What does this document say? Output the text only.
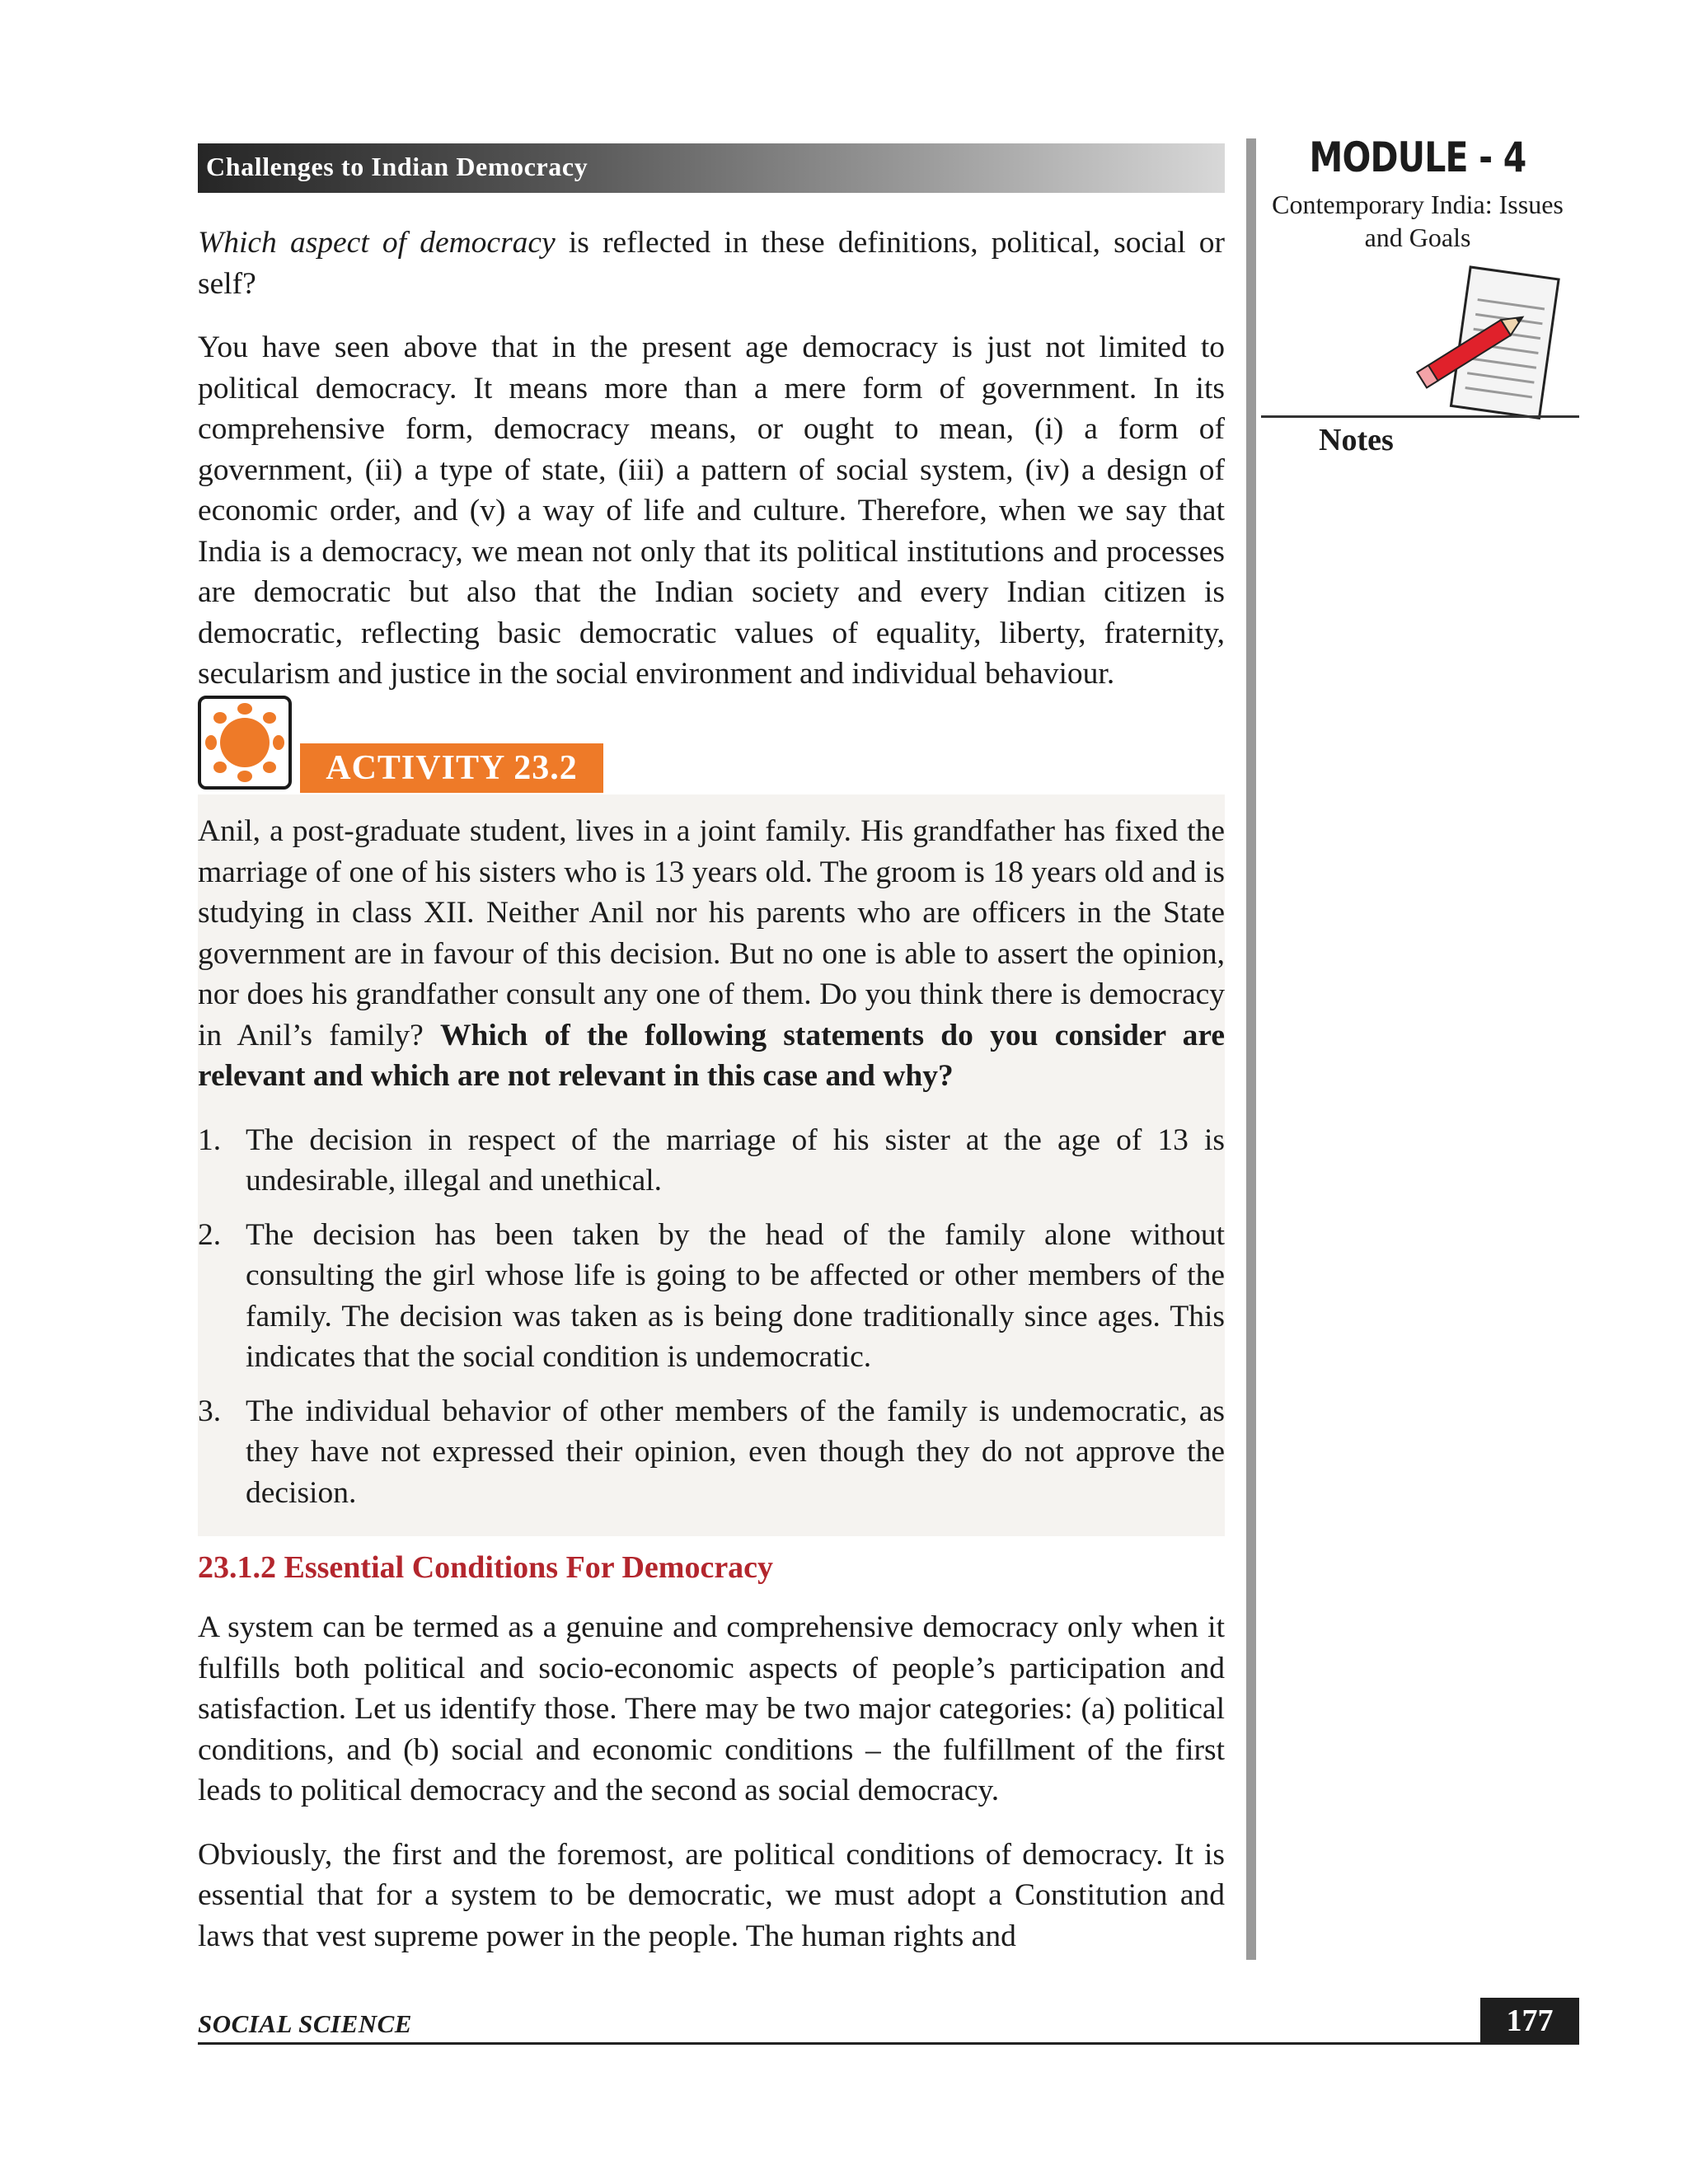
Challenges to Indian Democracy	MODULE - 4
Contemporary India: Issues
and Goals
Notes

Which aspect of democracy is reflected in these definitions, political, social or self?

You have seen above that in the present age democracy is just not limited to political democracy. It means more than a mere form of government. In its comprehensive form, democracy means, or ought to mean, (i) a form of government, (ii) a type of state, (iii) a pattern of social system, (iv) a design of economic order, and (v) a way of life and culture. Therefore, when we say that India is a democracy, we mean not only that its political institutions and processes are democratic but also that the Indian society and every Indian citizen is democratic, reflecting basic democratic values of equality, liberty, fraternity, secularism and justice in the social environment and individual behaviour.

ACTIVITY 23.2

Anil, a post-graduate student, lives in a joint family. His grandfather has fixed the marriage of one of his sisters who is 13 years old. The groom is 18 years old and is studying in class XII. Neither Anil nor his parents who are officers in the State government are in favour of this decision. But no one is able to assert the opinion, nor does his grandfather consult any one of them. Do you think there is democracy in Anil’s family? Which of the following statements do you consider are relevant and which are not relevant in this case and why?

1. The decision in respect of the marriage of his sister at the age of 13 is undesirable, illegal and unethical.
2. The decision has been taken by the head of the family alone without consulting the girl whose life is going to be affected or other members of the family. The decision was taken as is being done traditionally since ages. This indicates that the social condition is undemocratic.
3. The individual behavior of other members of the family is undemocratic, as they have not expressed their opinion, even though they do not approve the decision.
23.1.2 Essential Conditions For Democracy

A system can be termed as a genuine and comprehensive democracy only when it fulfills both political and socio-economic aspects of people’s participation and satisfaction. Let us identify those. There may be two major categories: (a) political conditions, and (b) social and economic conditions – the fulfillment of the first leads to political democracy and the second as social democracy.

Obviously, the first and the foremost, are political conditions of democracy. It is essential that for a system to be democratic, we must adopt a Constitution and laws that vest supreme power in the people. The human rights and

SOCIAL SCIENCE	177
